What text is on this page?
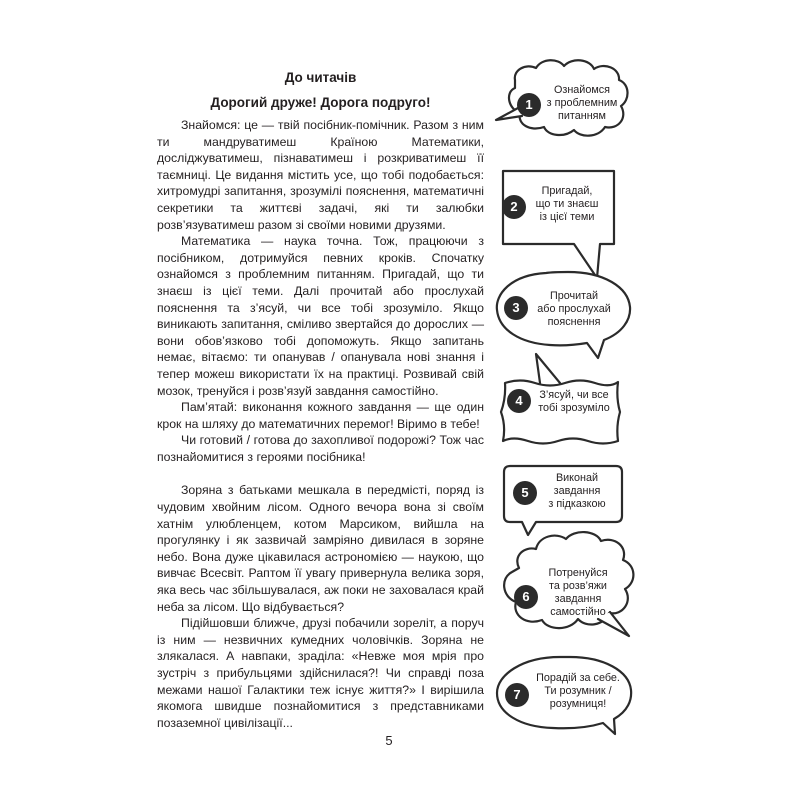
До читачів
Дорогий друже! Дорога подруго!

Знайомся: це — твій посібник-помічник. Разом з ним ти мандруватимеш Країною Математики, досліджуватимеш, пізнаватимеш і розкриватимеш її таємниці. Це видання містить усе, що тобі подобається: хитромудрі запитання, зрозумілі пояснення, математичні секретики та життєві задачі, які ти залюбки розв’язуватимеш разом зі своїми новими друзями.

Математика — наука точна. Тож, працюючи з посібником, дотримуйся певних кроків. Спочатку ознайомся з проблемним питанням. Пригадай, що ти знаєш із цієї теми. Далі прочитай або прослухай пояснення та з’ясуй, чи все тобі зрозуміло. Якщо виникають запитання, сміливо звертайся до дорослих — вони обов’язково тобі допоможуть. Якщо запитань немає, вітаємо: ти опанував / опанувала нові знання і тепер можеш використати їх на практиці. Розвивай свій мозок, тренуйся і розв’язуй завдання самостійно.

Пам’ятай: виконання кожного завдання — ще один крок на шляху до математичних перемог! Віримо в тебе!

Чи готовий / готова до захопливої подорожі? Тож час познайомитися з героями посібника!

Зоряна з батьками мешкала в передмісті, поряд із чудовим хвойним лісом. Одного вечора вона зі своїм хатнім улюбленцем, котом Марсиком, вийшла на прогулянку і як зазвичай замріяно дивилася в зоряне небо. Вона дуже цікавилася астрономією — наукою, що вивчає Всесвіт. Раптом її увагу привернула велика зоря, яка весь час збільшувалася, аж поки не заховалася край неба за лісом. Що відбувається?

Підійшовши ближче, друзі побачили зореліт, а поруч із ним — незвичних кумедних чоловічків. Зоряна не злякалася. А навпаки, зраділа: «Невже моя мрія про зустріч з прибульцями здійснилася?! Чи справді поза межами нашої Галактики теж існує життя?» І вирішила якомога швидше познайомитися з представниками позаземної цивілізації...

5
1
Ознайомся
з проблемним
питанням
2
Пригадай,
що ти знаєш
із цієї теми
3
Прочитай
або прослухай
пояснення
4	З’ясуй, чи все
тобі зрозуміло
5
Виконай
завдання
з підказкою
6
Потренуйся
та розв’яжи
завдання
самостійно
7
Порадій за себе.
Ти розумник /
розумниця!
